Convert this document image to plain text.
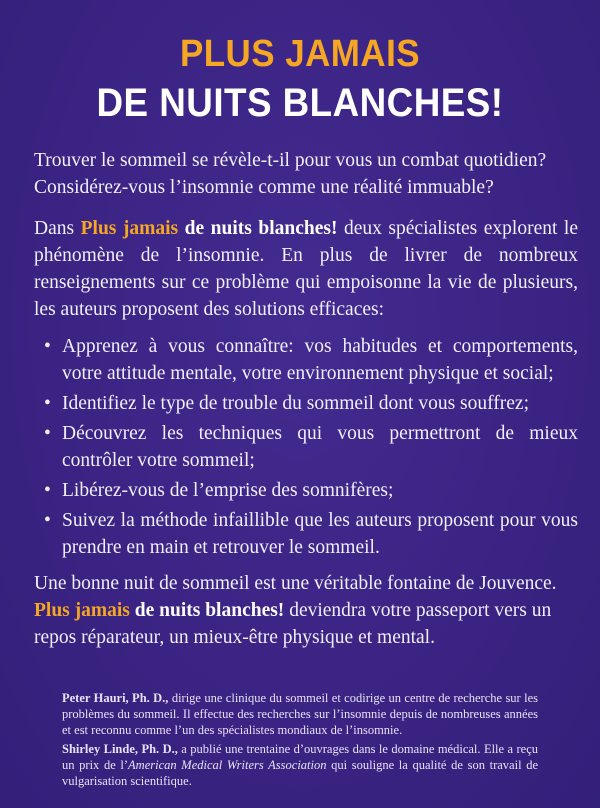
PLUS JAMAIS
DE NUITS BLANCHES!
Trouver le sommeil se révèle-t-il pour vous un combat quotidien?
Considérez-vous l’insomnie comme une réalité immuable?
Dans Plus jamais de nuits blanches! deux spécialistes explorent le phénomène de l’insomnie. En plus de livrer de nombreux renseignements sur ce problème qui empoisonne la vie de plusieurs, les auteurs proposent des solutions efficaces:
• Apprenez à vous connaître: vos habitudes et comportements, votre attitude mentale, votre environnement physique et social;
• Identifiez le type de trouble du sommeil dont vous souffrez;
• Découvrez les techniques qui vous permettront de mieux contrôler votre sommeil;
• Libérez-vous de l’emprise des somnifères;
• Suivez la méthode infaillible que les auteurs proposent pour vous prendre en main et retrouver le sommeil.
Une bonne nuit de sommeil est une véritable fontaine de Jouvence. Plus jamais de nuits blanches! deviendra votre passeport vers un repos réparateur, un mieux-être physique et mental.
Peter Hauri, Ph. D., dirige une clinique du sommeil et codirige un centre de recherche sur les problèmes du sommeil. Il effectue des recherches sur l’insomnie depuis de nombreuses années et est reconnu comme l’un des spécialistes mondiaux de l’insomnie.
Shirley Linde, Ph. D., a publié une trentaine d’ouvrages dans le domaine médical. Elle a reçu un prix de l’American Medical Writers Association qui souligne la qualité de son travail de vulgarisation scientifique.
